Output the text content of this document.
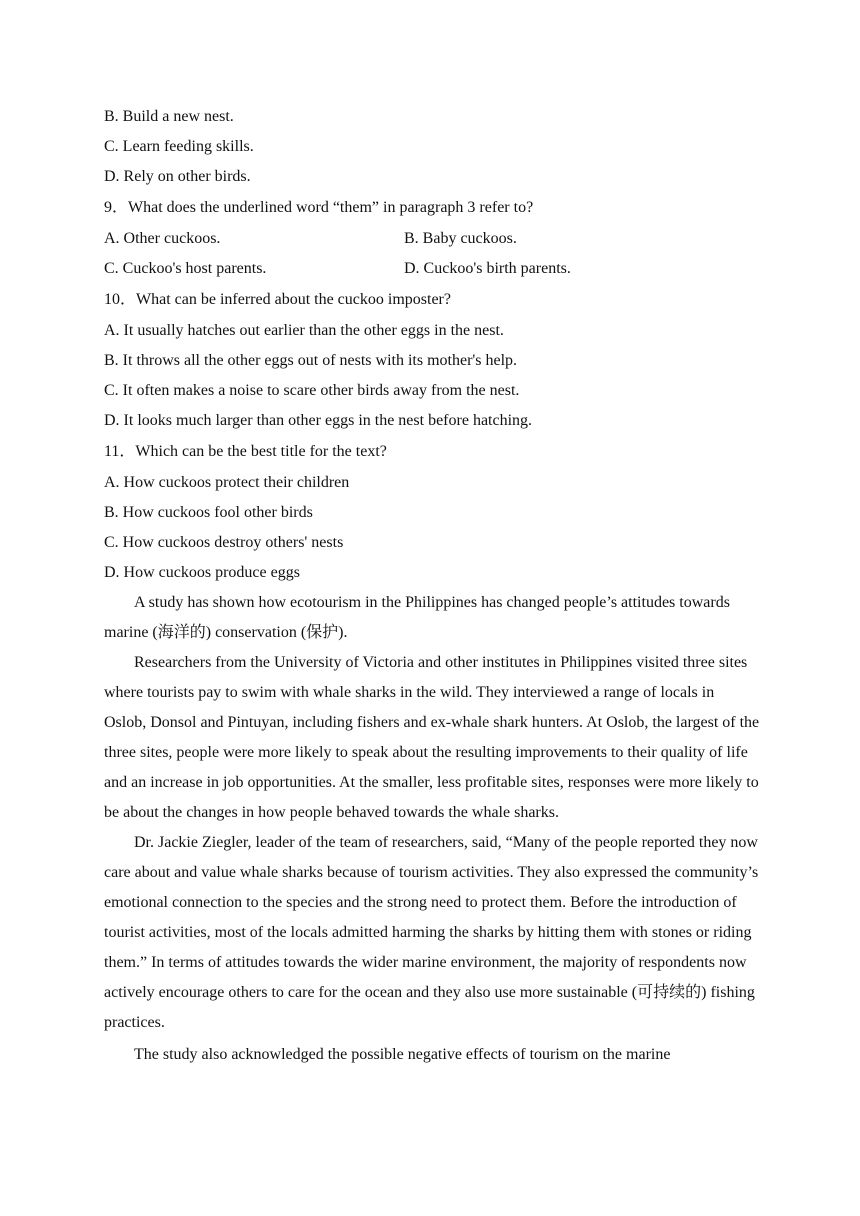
B. Build a new nest.
C. Learn feeding skills.
D. Rely on other birds.
9．What does the underlined word “them” in paragraph 3 refer to?
A. Other cuckoos.	B. Baby cuckoos.
C. Cuckoo's host parents.	D. Cuckoo's birth parents.
10．What can be inferred about the cuckoo imposter?
A. It usually hatches out earlier than the other eggs in the nest.
B. It throws all the other eggs out of nests with its mother's help.
C. It often makes a noise to scare other birds away from the nest.
D. It looks much larger than other eggs in the nest before hatching.
11．Which can be the best title for the text?
A. How cuckoos protect their children
B. How cuckoos fool other birds
C. How cuckoos destroy others' nests
D. How cuckoos produce eggs

A study has shown how ecotourism in the Philippines has changed people’s attitudes towards marine (海洋的) conservation (保护).

Researchers from the University of Victoria and other institutes in Philippines visited three sites where tourists pay to swim with whale sharks in the wild. They interviewed a range of locals in Oslob, Donsol and Pintuyan, including fishers and ex-whale shark hunters. At Oslob, the largest of the three sites, people were more likely to speak about the resulting improvements to their quality of life and an increase in job opportunities. At the smaller, less profitable sites, responses were more likely to be about the changes in how people behaved towards the whale sharks.

Dr. Jackie Ziegler, leader of the team of researchers, said, “Many of the people reported they now care about and value whale sharks because of tourism activities. They also expressed the community’s emotional connection to the species and the strong need to protect them. Before the introduction of tourist activities, most of the locals admitted harming the sharks by hitting them with stones or riding them.” In terms of attitudes towards the wider marine environment, the majority of respondents now actively encourage others to care for the ocean and they also use more sustainable (可持续的) fishing practices.

The study also acknowledged the possible negative effects of tourism on the marine
